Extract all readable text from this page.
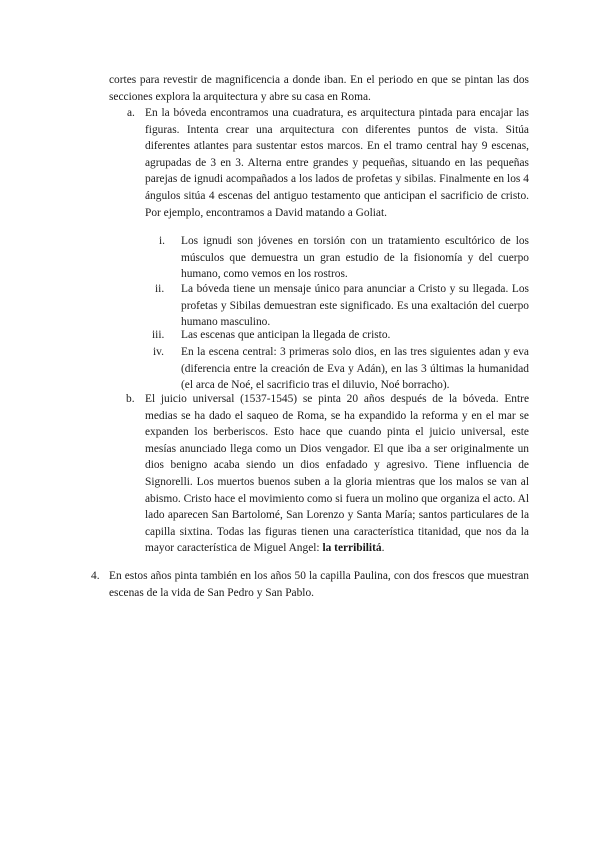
cortes para revestir de magnificencia a donde iban. En el periodo en que se pintan las dos secciones explora la arquitectura y abre su casa en Roma.

a. En la bóveda encontramos una cuadratura, es arquitectura pintada para encajar las figuras. Intenta crear una arquitectura con diferentes puntos de vista. Sitúa diferentes atlantes para sustentar estos marcos. En el tramo central hay 9 escenas, agrupadas de 3 en 3. Alterna entre grandes y pequeñas, situando en las pequeñas parejas de ignudi acompañados a los lados de profetas y sibilas. Finalmente en los 4 ángulos sitúa 4 escenas del antiguo testamento que anticipan el sacrificio de cristo. Por ejemplo, encontramos a David matando a Goliat.

i. Los ignudi son jóvenes en torsión con un tratamiento escultórico de los músculos que demuestra un gran estudio de la fisionomía y del cuerpo humano, como vemos en los rostros.

ii. La bóveda tiene un mensaje único para anunciar a Cristo y su llegada. Los profetas y Sibilas demuestran este significado. Es una exaltación del cuerpo humano masculino.

iii. Las escenas que anticipan la llegada de cristo.

iv. En la escena central: 3 primeras solo dios, en las tres siguientes adan y eva (diferencia entre la creación de Eva y Adán), en las 3 últimas la humanidad (el arca de Noé, el sacrificio tras el diluvio, Noé borracho).

b. El juicio universal (1537-1545) se pinta 20 años después de la bóveda. Entre medias se ha dado el saqueo de Roma, se ha expandido la reforma y en el mar se expanden los berberiscos. Esto hace que cuando pinta el juicio universal, este mesías anunciado llega como un Dios vengador. El que iba a ser originalmente un dios benigno acaba siendo un dios enfadado y agresivo. Tiene influencia de Signorelli. Los muertos buenos suben a la gloria mientras que los malos se van al abismo. Cristo hace el movimiento como si fuera un molino que organiza el acto. Al lado aparecen San Bartolomé, San Lorenzo y Santa María; santos particulares de la capilla sixtina. Todas las figuras tienen una característica titanidad, que nos da la mayor característica de Miguel Angel: la terribilitá.

4. En estos años pinta también en los años 50 la capilla Paulina, con dos frescos que muestran escenas de la vida de San Pedro y San Pablo.
